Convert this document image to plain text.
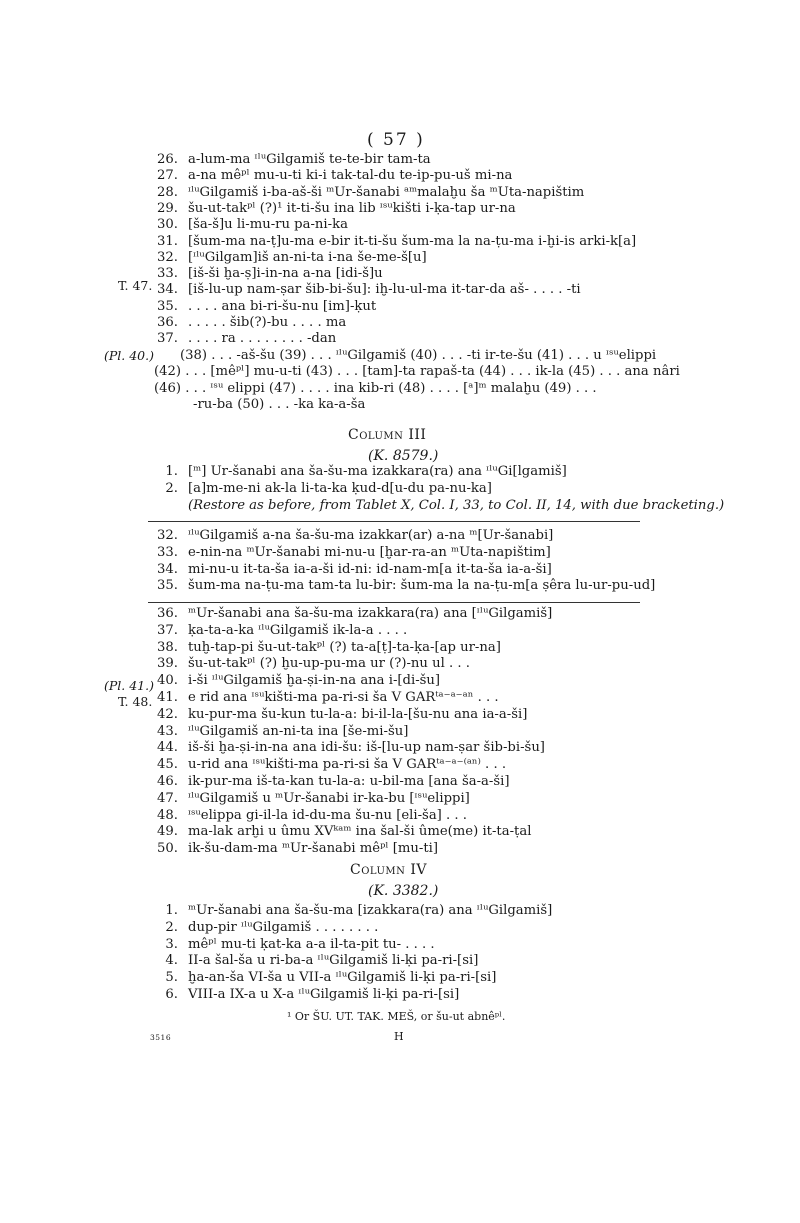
( 57 )
26. a-lum-ma ᶦˡᵘGilgamiš te-te-bir tam-ta
27. a-na mêᵖˡ mu-u-ti ki-i tak-tal-du te-ip-pu-uš mi-na
28. ᶦˡᵘGilgamiš i-ba-aš-ši ᵐUr-šanabi ᵃᵐmalaḫu ša ᵐUta-napištim
29. šu-ut-takᵖˡ (?)¹ it-ti-šu ina lib ᶦˢᵘkišti i-ḳa-tap ur-na
30. [ša-š]u li-mu-ru pa-ni-ka
31. [šum-ma na-ṭ]u-ma e-bir it-ti-šu šum-ma la na-ṭu-ma i-ḫi-is arki-k[a]
32. [ᶦˡᵘGilgam]iš an-ni-ta i-na še-me-š[u]
33. [iš-ši ḫa-ṣ]i-in-na a-na [idi-š]u
34. [iš-lu-up nam-ṣar šib-bi-šu]: iḫ-lu-ul-ma it-tar-da aš- . . . . -ti
35. . . . . ana bi-ri-šu-nu [im]-ḳut
36. . . . . . šib(?)-bu . . . . ma
37. . . . . ra . . . . . . . . -dan
T. 47.
(Pl. 40.) (38) . . . -aš-šu (39) . . . ᶦˡᵘGilgamiš (40) . . . -ti ir-te-šu (41) . . . u ᶦˢᵘelippi
(42) . . . [mêᵖˡ] mu-u-ti (43) . . . [tam]-ta rapaš-ta (44) . . . ik-la (45) . . . ana nâri
(46) . . . ᶦˢᵘ elippi (47) . . . . ina kib-ri (48) . . . . [ᵃ]ᵐ malaḫu (49) . . .
-ru-ba (50) . . . -ka ka-a-ša
Column III
(K. 8579.)
1. [ᵐ] Ur-šanabi ana ša-šu-ma izakkara(ra) ana ᶦˡᵘGi[lgamiš]
2. [a]m-me-ni ak-la li-ta-ka ḳud-d[u-du pa-nu-ka]
(Restore as before, from Tablet X, Col. I, 33, to Col. II, 14, with due bracketing.)
32. ᶦˡᵘGilgamiš a-na ša-šu-ma izakkar(ar) a-na ᵐ[Ur-šanabi]
33. e-nin-na ᵐUr-šanabi mi-nu-u [ḫar-ra-an ᵐUta-napištim]
34. mi-nu-u it-ta-ša ia-a-ši id-ni: id-nam-m[a it-ta-ša ia-a-ši]
35. šum-ma na-ṭu-ma tam-ta lu-bir: šum-ma la na-ṭu-m[a ṣêra lu-ur-pu-ud]
36. ᵐUr-šanabi ana ša-šu-ma izakkara(ra) ana [ᶦˡᵘGilgamiš]
37. ḳa-ta-a-ka ᶦˡᵘGilgamiš ik-la-a . . . .
38. tuḫ-tap-pi šu-ut-takᵖˡ (?) ta-a[ṭ]-ta-ḳa-[ap ur-na]
39. šu-ut-takᵖˡ (?) ḫu-up-pu-ma ur (?)-nu ul . . .
40. i-ši ᶦˡᵘGilgamiš ḫa-ṣi-in-na ana i-[di-šu]
41. e rid ana ᶦˢᵘkišti-ma pa-ri-si ša V GARᵗᵃ⁻ᵃ⁻ᵃⁿ . . .
42. ku-pur-ma šu-kun tu-la-a: bi-il-la-[šu-nu ana ia-a-ši]
43. ᶦˡᵘGilgamiš an-ni-ta ina [še-mi-šu]
44. iš-ši ḫa-ṣi-in-na ana idi-šu: iš-[lu-up nam-ṣar šib-bi-šu]
45. u-rid ana ᶦˢᵘkišti-ma pa-ri-si ša V GARᵗᵃ⁻ᵃ⁻⁽ᵃⁿ⁾ . . .
46. ik-pur-ma iš-ta-kan tu-la-a: u-bil-ma [ana ša-a-ši]
47. ᶦˡᵘGilgamiš u ᵐUr-šanabi ir-ka-bu [ᶦˢᵘelippi]
48. ᶦˢᵘelippa gi-il-la id-du-ma šu-nu [eli-ša] . . .
49. ma-lak arḫi u ûmu XVᵏᵃᵐ ina šal-ši ûme(me) it-ta-ṭal
50. ik-šu-dam-ma ᵐUr-šanabi mêᵖˡ [mu-ti]
(Pl. 41.)
T. 48.
Column IV
(K. 3382.)
1. ᵐUr-šanabi ana ša-šu-ma [izakkara(ra) ana ᶦˡᵘGilgamiš]
2. dup-pir ᶦˡᵘGilgamiš . . . . . . . .
3. mêᵖˡ mu-ti ḳat-ka a-a il-ta-pit tu- . . . .
4. II-a šal-ša u ri-ba-a ᶦˡᵘGilgamiš li-ḳi pa-ri-[si]
5. ḫa-an-ša VI-ša u VII-a ᶦˡᵘGilgamiš li-ḳi pa-ri-[si]
6. VIII-a IX-a u X-a ᶦˡᵘGilgamiš li-ḳi pa-ri-[si]
¹ Or ŠU. UT. TAK. MEŠ, or šu-ut abnêᵖˡ.
3516	H
